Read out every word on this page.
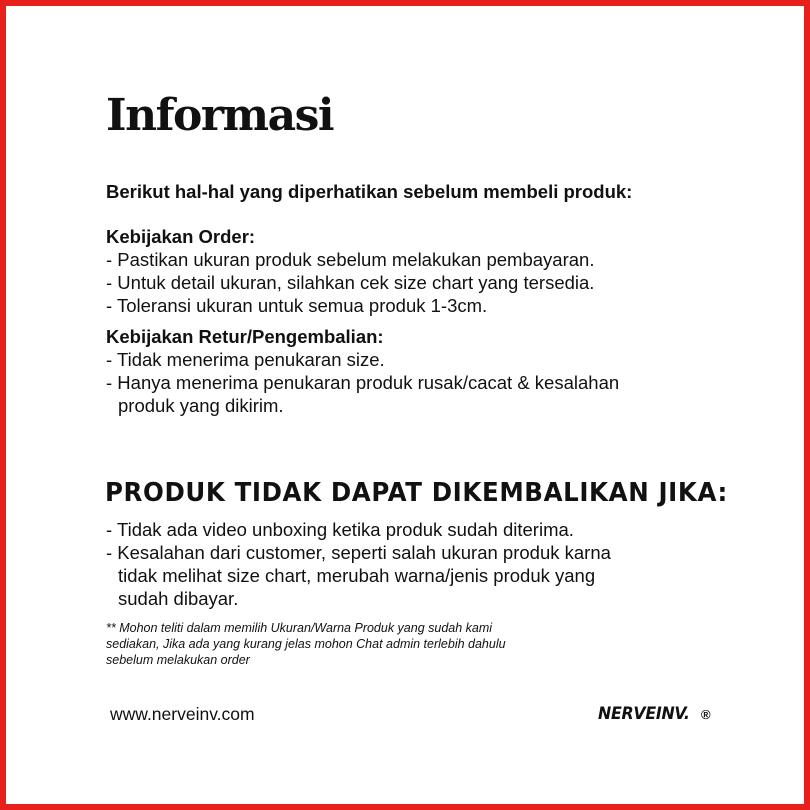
Informasi

Berikut hal-hal yang diperhatikan sebelum membeli produk:

Kebijakan Order:

- Pastikan ukuran produk sebelum melakukan pembayaran.
- Untuk detail ukuran, silahkan cek size chart yang tersedia.
- Toleransi ukuran untuk semua produk 1-3cm.

Kebijakan Retur/Pengembalian:

- Tidak menerima penukaran size.
- Hanya menerima penukaran produk rusak/cacat & kesalahan
produk yang dikirim.
PRODUK TIDAK DAPAT DIKEMBALIKAN JIKA:
- Tidak ada video unboxing ketika produk sudah diterima.
- Kesalahan dari customer, seperti salah ukuran produk karna
tidak melihat size chart, merubah warna/jenis produk yang
sudah dibayar.

** Mohon teliti dalam memilih Ukuran/Warna Produk yang sudah kami
sediakan, Jika ada yang kurang jelas mohon Chat admin terlebih dahulu
sebelum melakukan order

www.nerveinv.com	NERVEINV. ®
